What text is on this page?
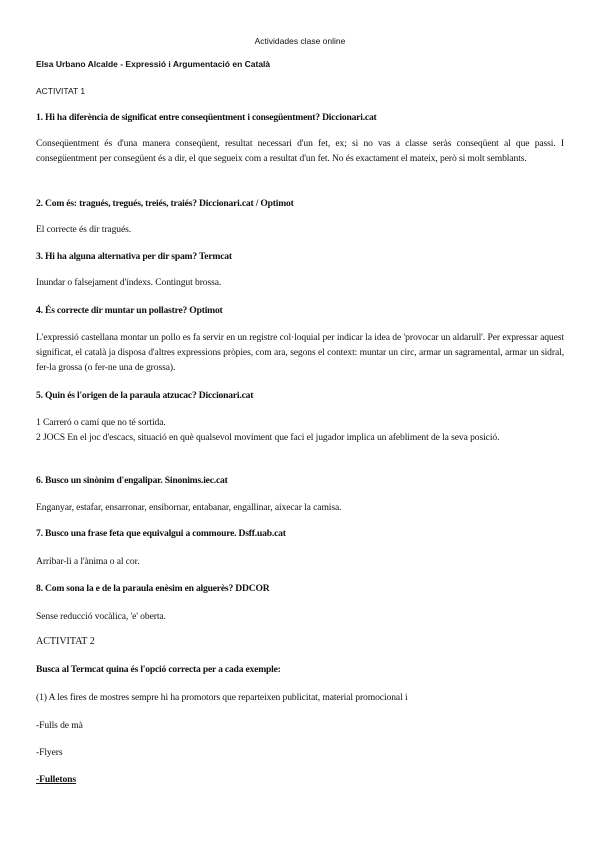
Actividades clase online
Elsa Urbano Alcalde - Expressió i Argumentació en Català
ACTIVITAT 1
1. Hi ha diferència de significat entre conseqüentment i consegüentment? Diccionari.cat
Conseqüentment és d'una manera conseqüent, resultat necessari d'un fet, ex; si no vas a classe seràs conseqüent al que passi. I consegüentment per consegüent és a dir, el que segueix com a resultat d'un fet. No és exactament el mateix, però si molt semblants.
2. Com és: tragués, tregués, treiés, traiés? Diccionari.cat / Optimot
El correcte és dir tragués.
3. Hi ha alguna alternativa per dir spam? Termcat
Inundar o falsejament d'índexs. Contingut brossa.
4. És correcte dir muntar un pollastre? Optimot
L'expressió castellana montar un pollo es fa servir en un registre col·loquial per indicar la idea de 'provocar un aldarull'. Per expressar aquest significat, el català ja disposa d'altres expressions pròpies, com ara, segons el context: muntar un circ, armar un sagramental, armar un sidral, fer-la grossa (o fer-ne una de grossa).
5. Quin és l'origen de la paraula atzucac? Diccionari.cat
1 Carreró o camí que no té sortida.
2 JOCS En el joc d'escacs, situació en què qualsevol moviment que faci el jugador implica un afebliment de la seva posició.
6. Busco un sinònim d'engalipar. Sinonims.iec.cat
Enganyar, estafar, ensarronar, ensibornar, entabanar, engallinar, aixecar la camisa.
7. Busco una frase feta que equivalgui a commoure. Dsff.uab.cat
Arribar-li a l'ànima o al cor.
8. Com sona la e de la paraula enèsim en alguerès? DDCOR
Sense reducció vocàlica, 'e' oberta.
ACTIVITAT 2
Busca al Termcat quina és l'opció correcta per a cada exemple:
(1) A les fires de mostres sempre hi ha promotors que reparteixen publicitat, material promocional i
-Fulls de mà
-Flyers
-Fulletons
